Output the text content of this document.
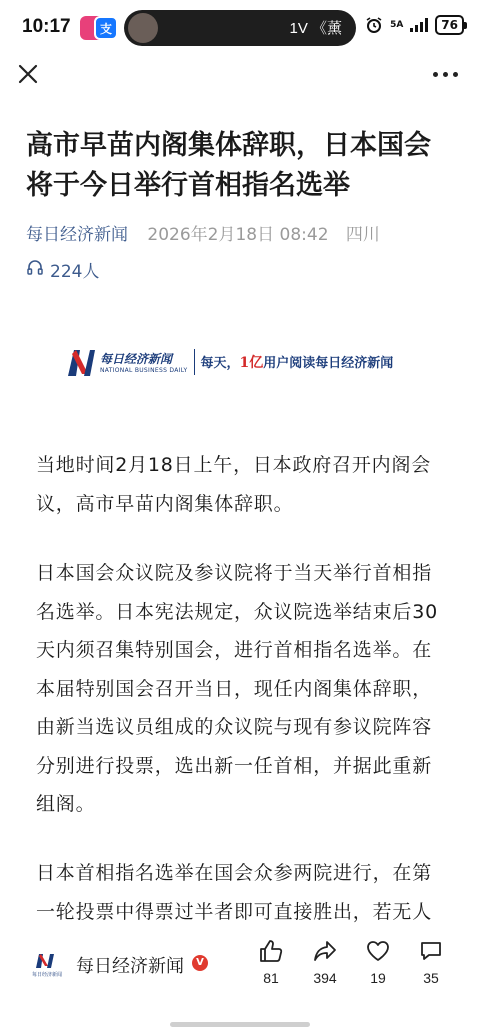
10:17	支	1V 《薰	5A	76
高市早苗内阁集体辞职，日本国会将于今日举行首相指名选举
每日经济新闻 2026年2月18日 08:42 四川
224人
每日经济新闻
NATIONAL BUSINESS DAILY 每天，1亿用户阅读每日经济新闻

当地时间2月18日上午，日本政府召开内阁会议，高市早苗内阁集体辞职。

日本国会众议院及参议院将于当天举行首相指名选举。日本宪法规定，众议院选举结束后30天内须召集特别国会，进行首相指名选举。在本届特别国会召开当日，现任内阁集体辞职，由新当选议员组成的众议院与现有参议院阵容分别进行投票，选出新一任首相，并据此重新组阁。

日本首相指名选举在国会众参两院进行，在第一轮投票中得票过半者即可直接胜出，若无人

每日经济新闻 每日经济新闻	V
81	394	19	35
